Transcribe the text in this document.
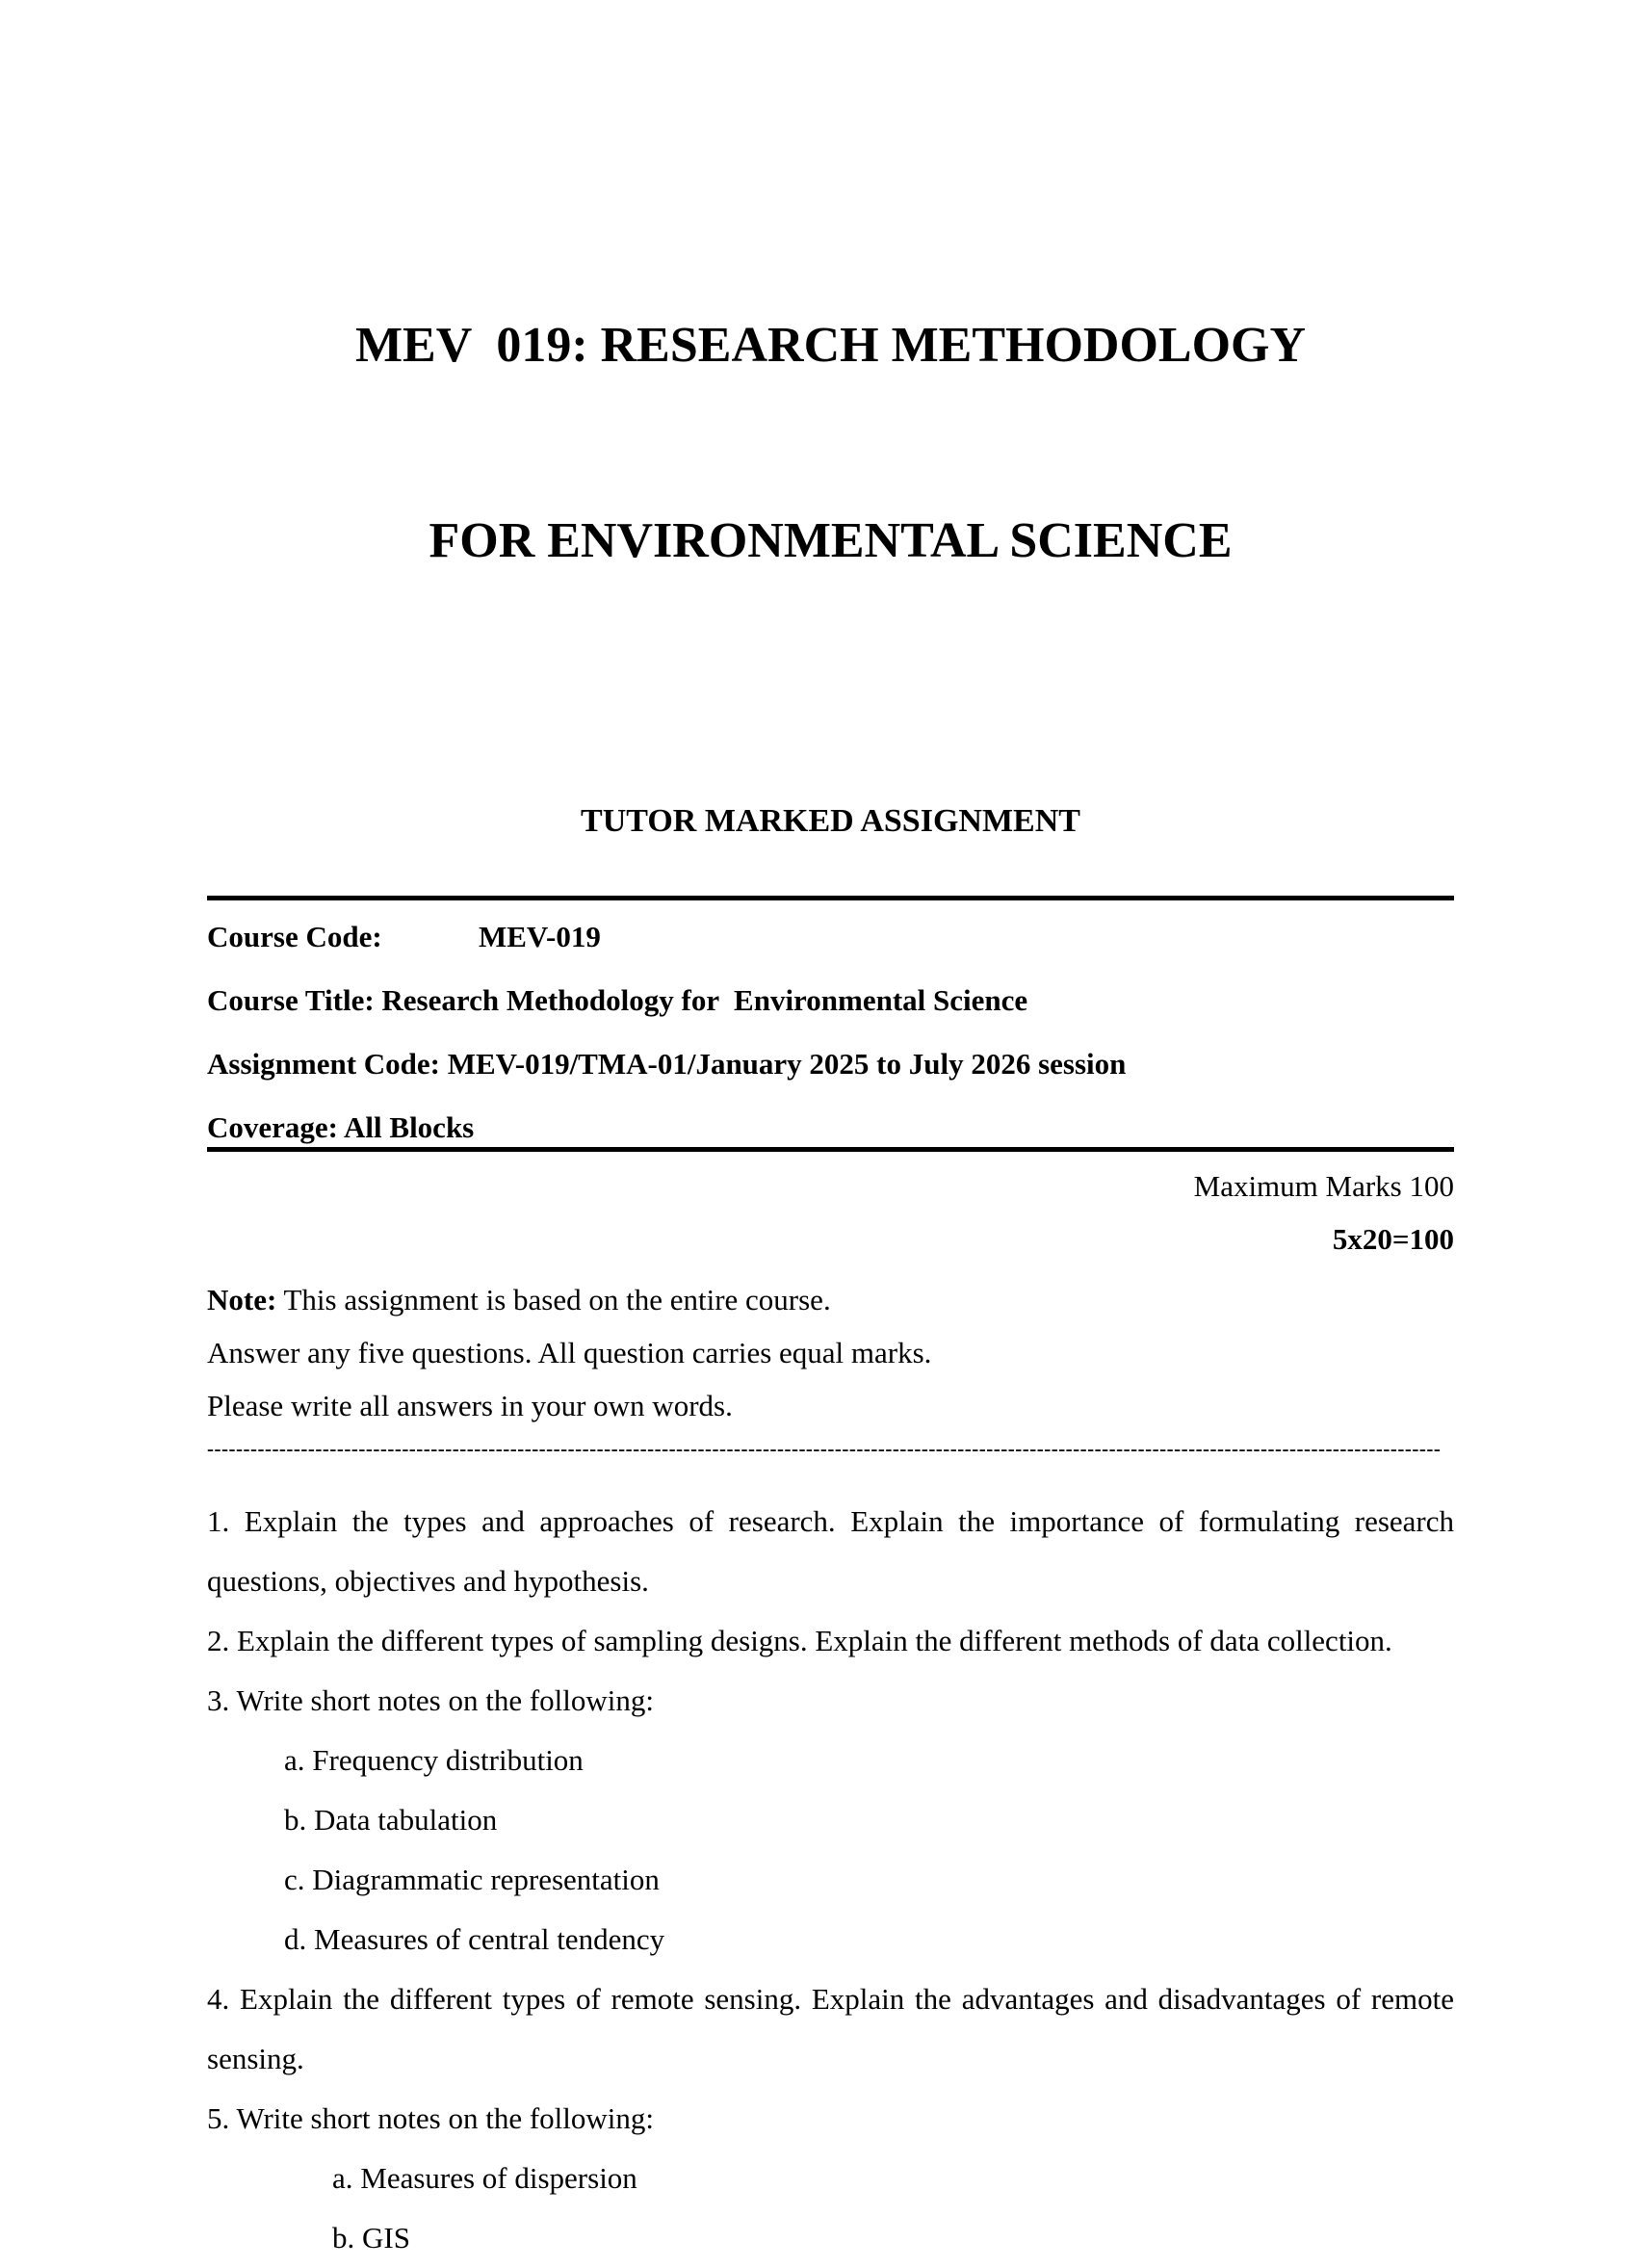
MEV  019: RESEARCH METHODOLOGY

FOR ENVIRONMENTAL SCIENCE

TUTOR MARKED ASSIGNMENT

Course Code:	MEV-019

Course Title: Research Methodology for  Environmental Science

Assignment Code: MEV-019/TMA-01/January 2025 to July 2026 session

Coverage: All Blocks

Maximum Marks 100

5x20=100

Note: This assignment is based on the entire course.

Answer any five questions. All question carries equal marks.

Please write all answers in your own words.

---------------------------------------------------------------------------------------------------------------------------------------------------------------------------

1. Explain the types and approaches of research. Explain the importance of formulating research questions, objectives and hypothesis.

2. Explain the different types of sampling designs. Explain the different methods of data collection.

3. Write short notes on the following:

a. Frequency distribution

b. Data tabulation

c. Diagrammatic representation

d. Measures of central tendency

4. Explain the different types of remote sensing. Explain the advantages and disadvantages of remote sensing.

5. Write short notes on the following:

a. Measures of dispersion

b. GIS
